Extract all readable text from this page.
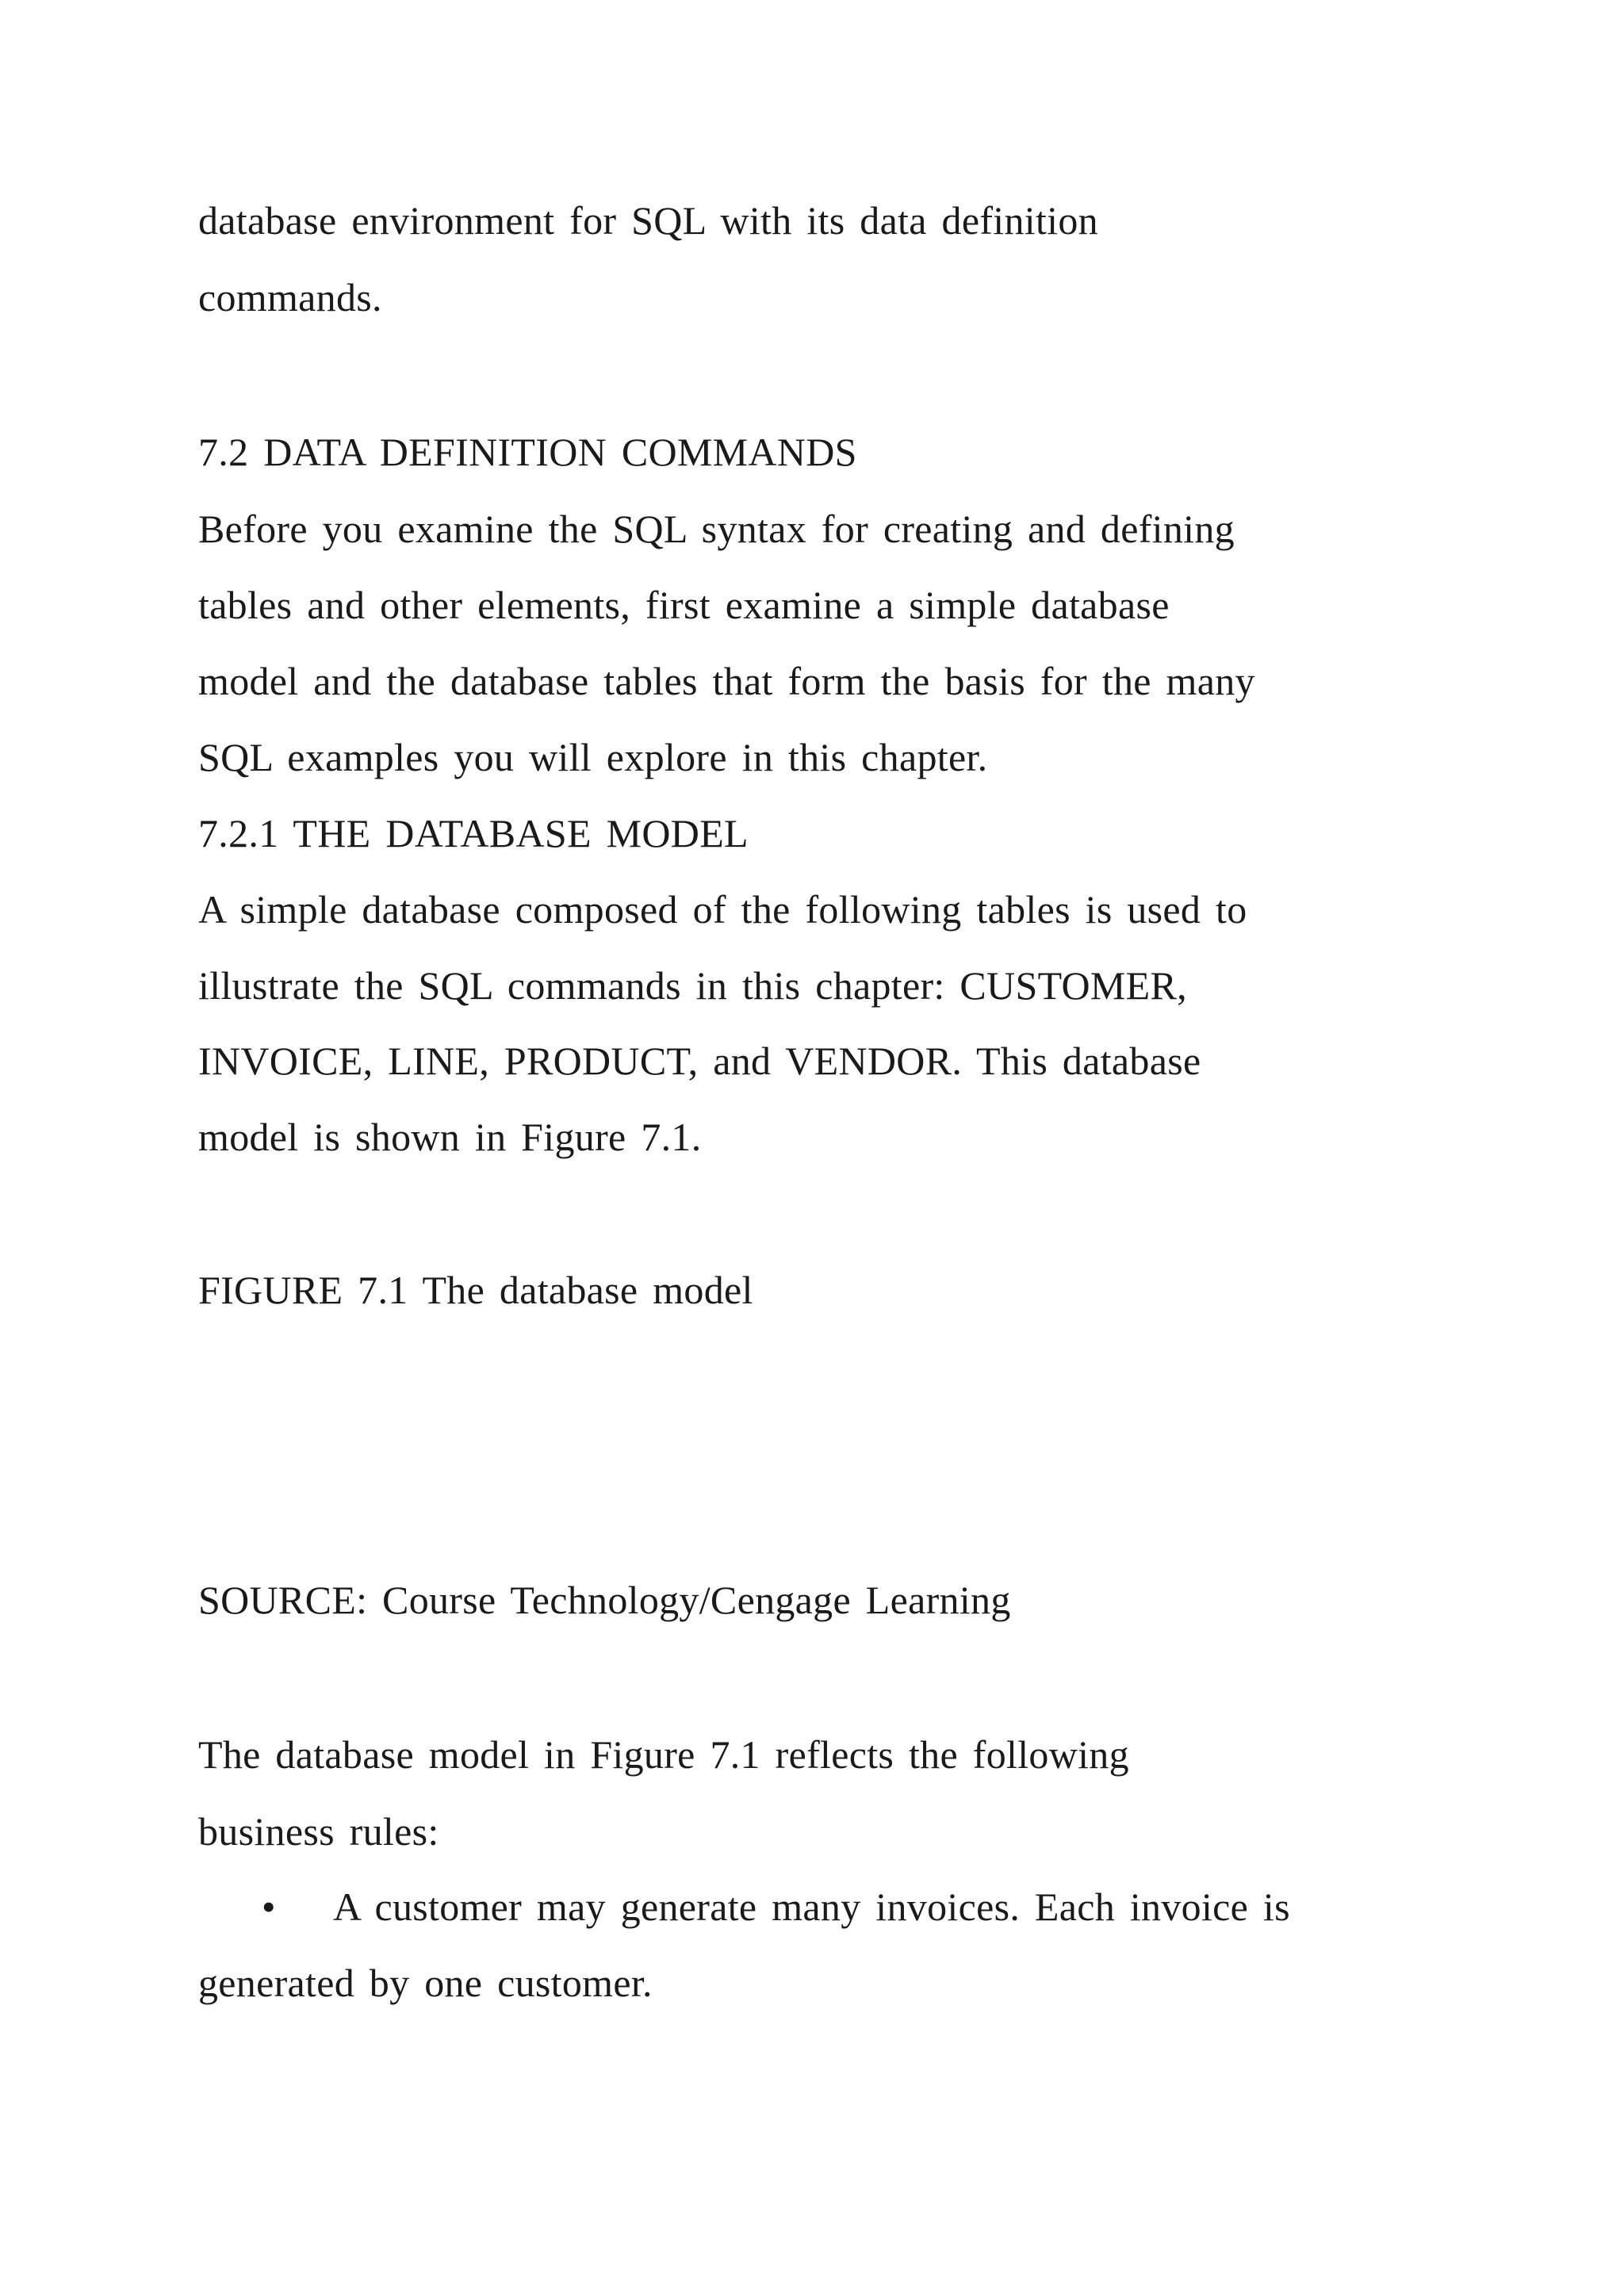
database environment for SQL with its data definition
commands.
7.2 DATA DEFINITION COMMANDS
Before you examine the SQL syntax for creating and defining
tables and other elements, first examine a simple database
model and the database tables that form the basis for the many
SQL examples you will explore in this chapter.
7.2.1 THE DATABASE MODEL
A simple database composed of the following tables is used to
illustrate the SQL commands in this chapter: CUSTOMER,
INVOICE, LINE, PRODUCT, and VENDOR. This database
model is shown in Figure 7.1.
FIGURE 7.1 The database model
SOURCE: Course Technology/Cengage Learning
The database model in Figure 7.1 reflects the following
business rules:
• A customer may generate many invoices. Each invoice is
generated by one customer.
